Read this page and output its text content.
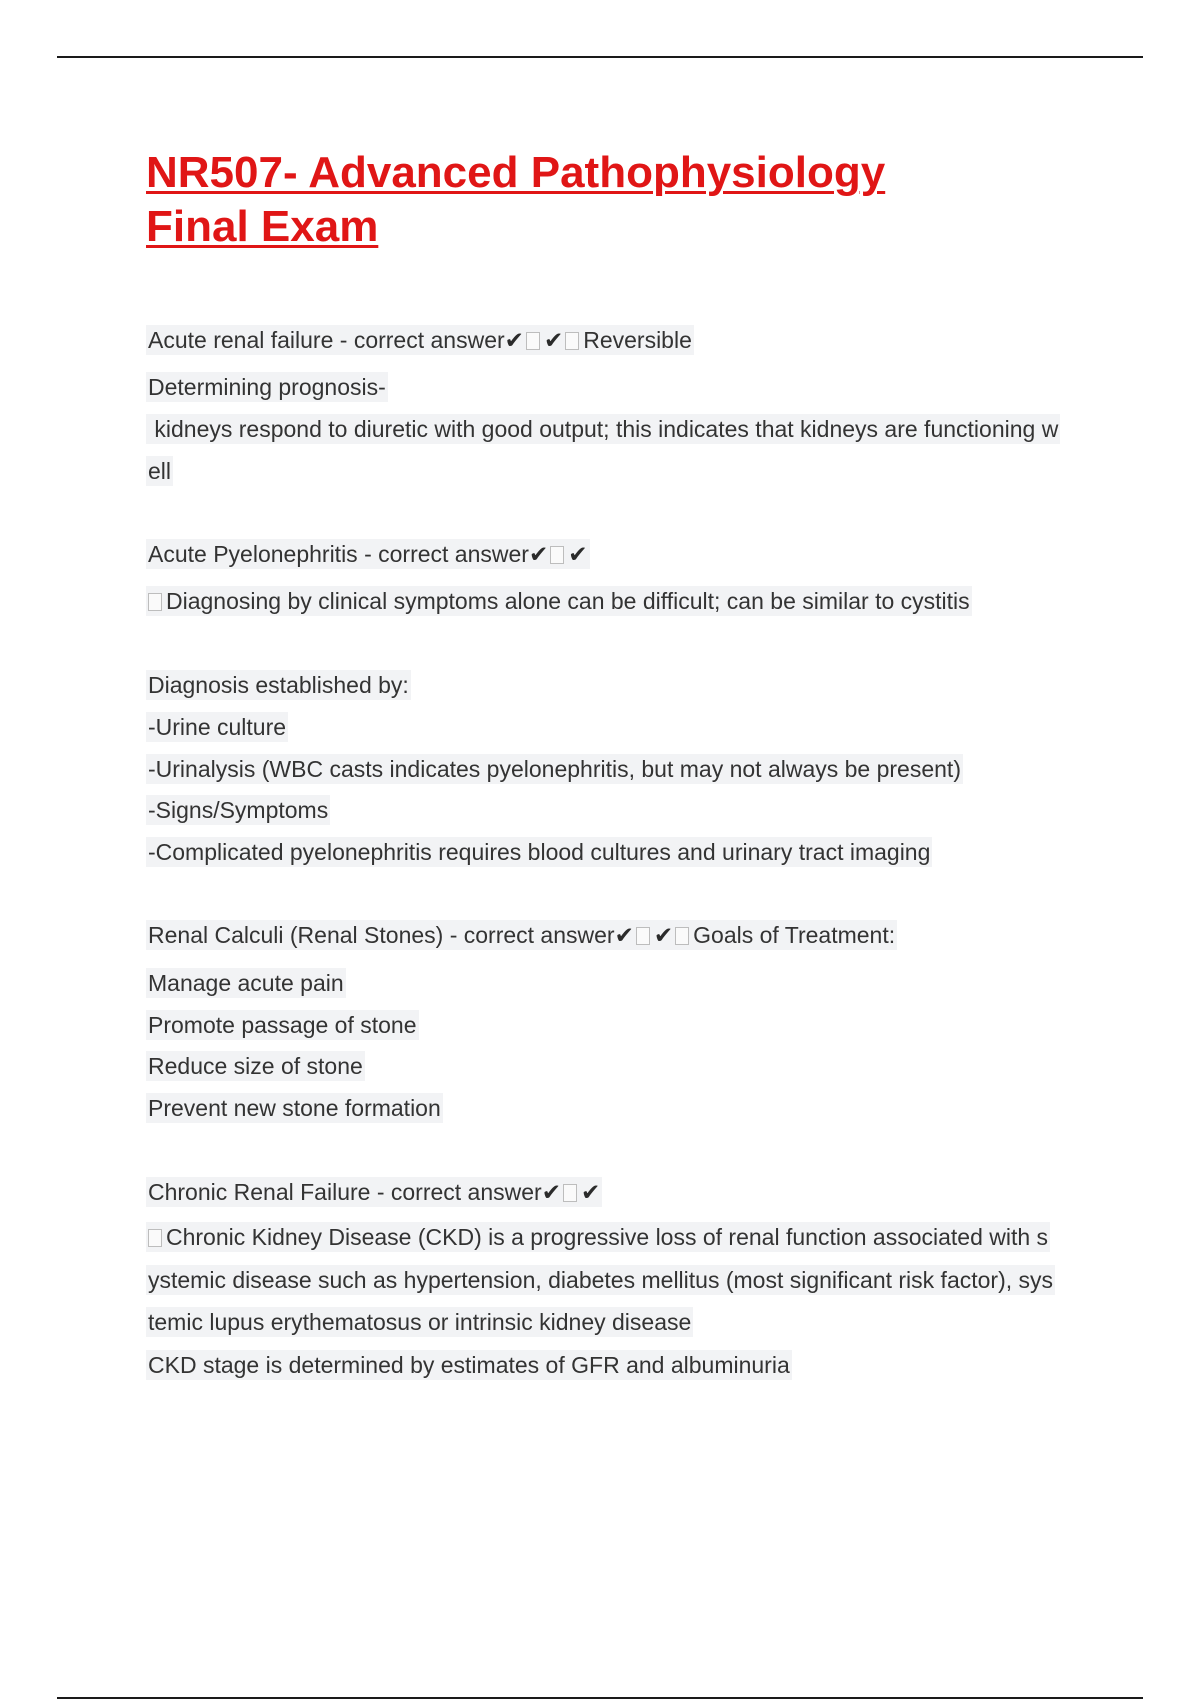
NR507- Advanced Pathophysiology
Final Exam
Acute renal failure - correct answer✔ ✔ Reversible
Determining prognosis-
kidneys respond to diuretic with good output; this indicates that kidneys are functioning w
ell
Acute Pyelonephritis - correct answer✔ ✔
Diagnosing by clinical symptoms alone can be difficult; can be similar to cystitis
Diagnosis established by:
-Urine culture
-Urinalysis (WBC casts indicates pyelonephritis, but may not always be present)
-Signs/Symptoms
-Complicated pyelonephritis requires blood cultures and urinary tract imaging
Renal Calculi (Renal Stones) - correct answer✔ ✔ Goals of Treatment:
Manage acute pain
Promote passage of stone
Reduce size of stone
Prevent new stone formation
Chronic Renal Failure - correct answer✔ ✔
Chronic Kidney Disease (CKD) is a progressive loss of renal function associated with s
ystemic disease such as hypertension, diabetes mellitus (most significant risk factor), sys
temic lupus erythematosus or intrinsic kidney disease
CKD stage is determined by estimates of GFR and albuminuria
